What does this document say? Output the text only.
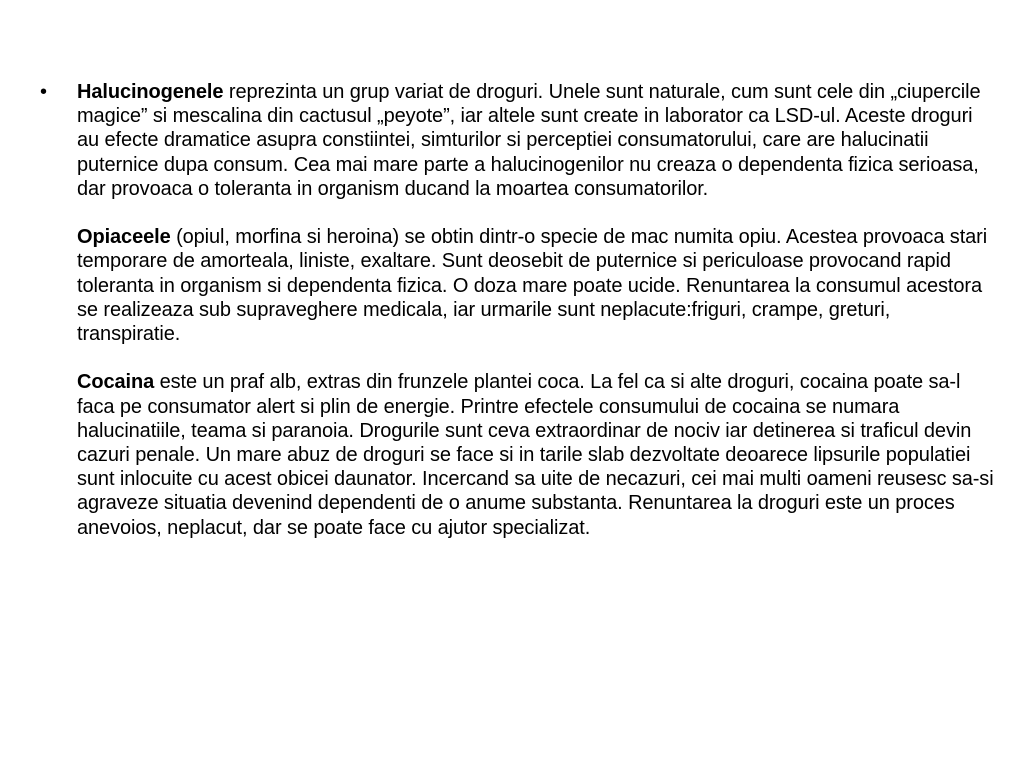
• Halucinogenele reprezinta un grup variat de droguri. Unele sunt naturale, cum sunt cele din „ciupercile magice” si mescalina din cactusul „peyote”, iar altele sunt create in laborator ca LSD-ul. Aceste droguri au efecte dramatice asupra constiintei, simturilor si perceptiei consumatorului, care are halucinatii puternice dupa consum. Cea mai mare parte a halucinogenilor nu creaza o dependenta fizica serioasa, dar provoaca o toleranta in organism ducand la moartea consumatorilor.

Opiaceele (opiul, morfina si heroina) se obtin dintr-o specie de mac numita opiu. Acestea provoaca stari temporare de amorteala, liniste, exaltare. Sunt deosebit de puternice si periculoase provocand rapid toleranta in organism si dependenta fizica. O doza mare poate ucide. Renuntarea la consumul acestora se realizeaza sub supraveghere medicala, iar urmarile sunt neplacute:friguri, crampe, greturi, transpiratie.

Cocaina este un praf alb, extras din frunzele plantei coca. La fel ca si alte droguri, cocaina poate sa-l faca pe consumator alert si plin de energie. Printre efectele consumului de cocaina se numara halucinatiile, teama si paranoia. Drogurile sunt ceva extraordinar de nociv iar detinerea si traficul devin cazuri penale. Un mare abuz de droguri se face si in tarile slab dezvoltate deoarece lipsurile populatiei sunt inlocuite cu acest obicei daunator. Incercand sa uite de necazuri, cei mai multi oameni reusesc sa-si agraveze situatia devenind dependenti de o anume substanta. Renuntarea la droguri este un proces anevoios, neplacut, dar se poate face cu ajutor specializat.
